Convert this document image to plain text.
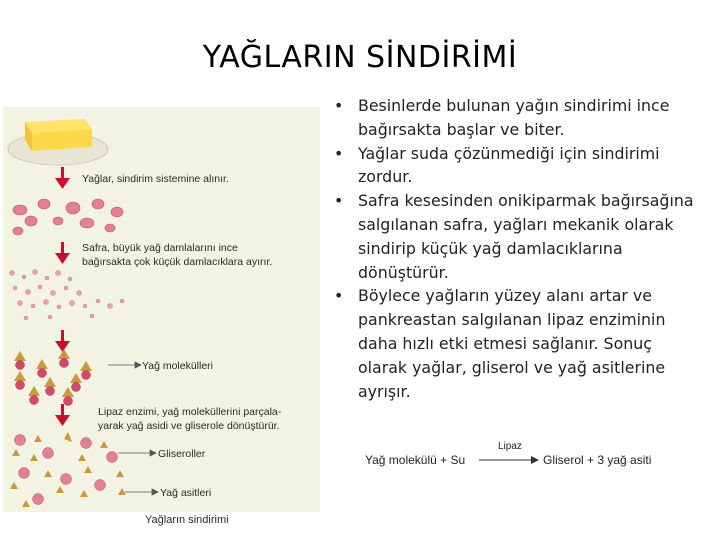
YAĞLARIN SİNDİRİMİ
Yağlar, sindirim sistemine alınır.
Safra, büyük yağ damlalarını ince
bağırsakta çok küçük damlacıklara ayırır.
Yağ molekülleri
Lipaz enzimi, yağ moleküllerini parçala-
yarak yağ asidi ve gliserole dönüştürür.
Gliseroller
Yağ asitleri
Yağların sindirimi
• Besinlerde bulunan yağın sindirimi ince bağırsakta başlar ve biter.
• Yağlar suda çözünmediği için sindirimi zordur.
• Safra kesesinden onikiparmak bağırsağına salgılanan safra, yağları mekanik olarak sindirip küçük yağ damlacıklarına dönüştürür.
• Böylece yağların yüzey alanı artar ve pankreastan salgılanan lipaz enziminin daha hızlı etki etmesi sağlanır. Sonuç olarak yağlar, gliserol ve yağ asitlerine ayrışır.
Yağ molekülü + Su
Lipaz
Gliserol + 3 yağ asiti
